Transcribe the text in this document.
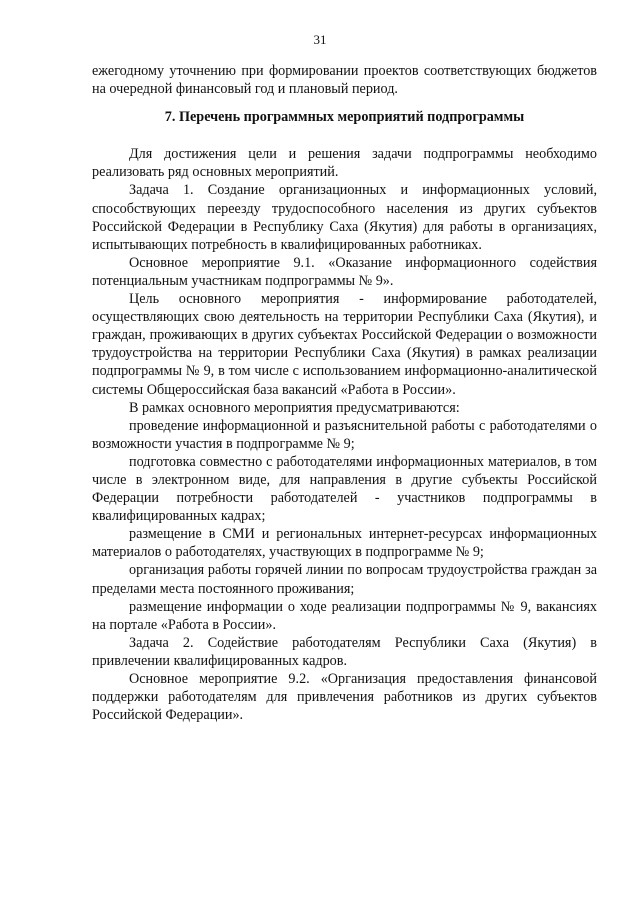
31

ежегодному уточнению при формировании проектов соответствующих бюджетов на очередной финансовый год и плановый период.

7. Перечень программных мероприятий подпрограммы

Для достижения цели и решения задачи подпрограммы необходимо реализовать ряд основных мероприятий.

Задача 1. Создание организационных и информационных условий, способствующих переезду трудоспособного населения из других субъектов Российской Федерации в Республику Саха (Якутия) для работы в организациях, испытывающих потребность в квалифицированных работниках.

Основное мероприятие 9.1. «Оказание информационного содействия потенциальным участникам подпрограммы № 9».

Цель основного мероприятия - информирование работодателей, осуществляющих свою деятельность на территории Республики Саха (Якутия), и граждан, проживающих в других субъектах Российской Федерации о возможности трудоустройства на территории Республики Саха (Якутия) в рамках реализации подпрограммы № 9, в том числе с использованием информационно-аналитической системы Общероссийская база вакансий «Работа в России».

В рамках основного мероприятия предусматриваются:

проведение информационной и разъяснительной работы с работодателями о возможности участия в подпрограмме № 9;

подготовка совместно с работодателями информационных материалов, в том числе в электронном виде, для направления в другие субъекты Российской Федерации потребности работодателей - участников подпрограммы в квалифицированных кадрах;

размещение в СМИ и региональных интернет-ресурсах информационных материалов о работодателях, участвующих в подпрограмме № 9;

организация работы горячей линии по вопросам трудоустройства граждан за пределами места постоянного проживания;

размещение информации о ходе реализации подпрограммы № 9, вакансиях на портале «Работа в России».

Задача 2. Содействие работодателям Республики Саха (Якутия) в привлечении квалифицированных кадров.

Основное мероприятие 9.2. «Организация предоставления финансовой поддержки работодателям для привлечения работников из других субъектов Российской Федерации».
